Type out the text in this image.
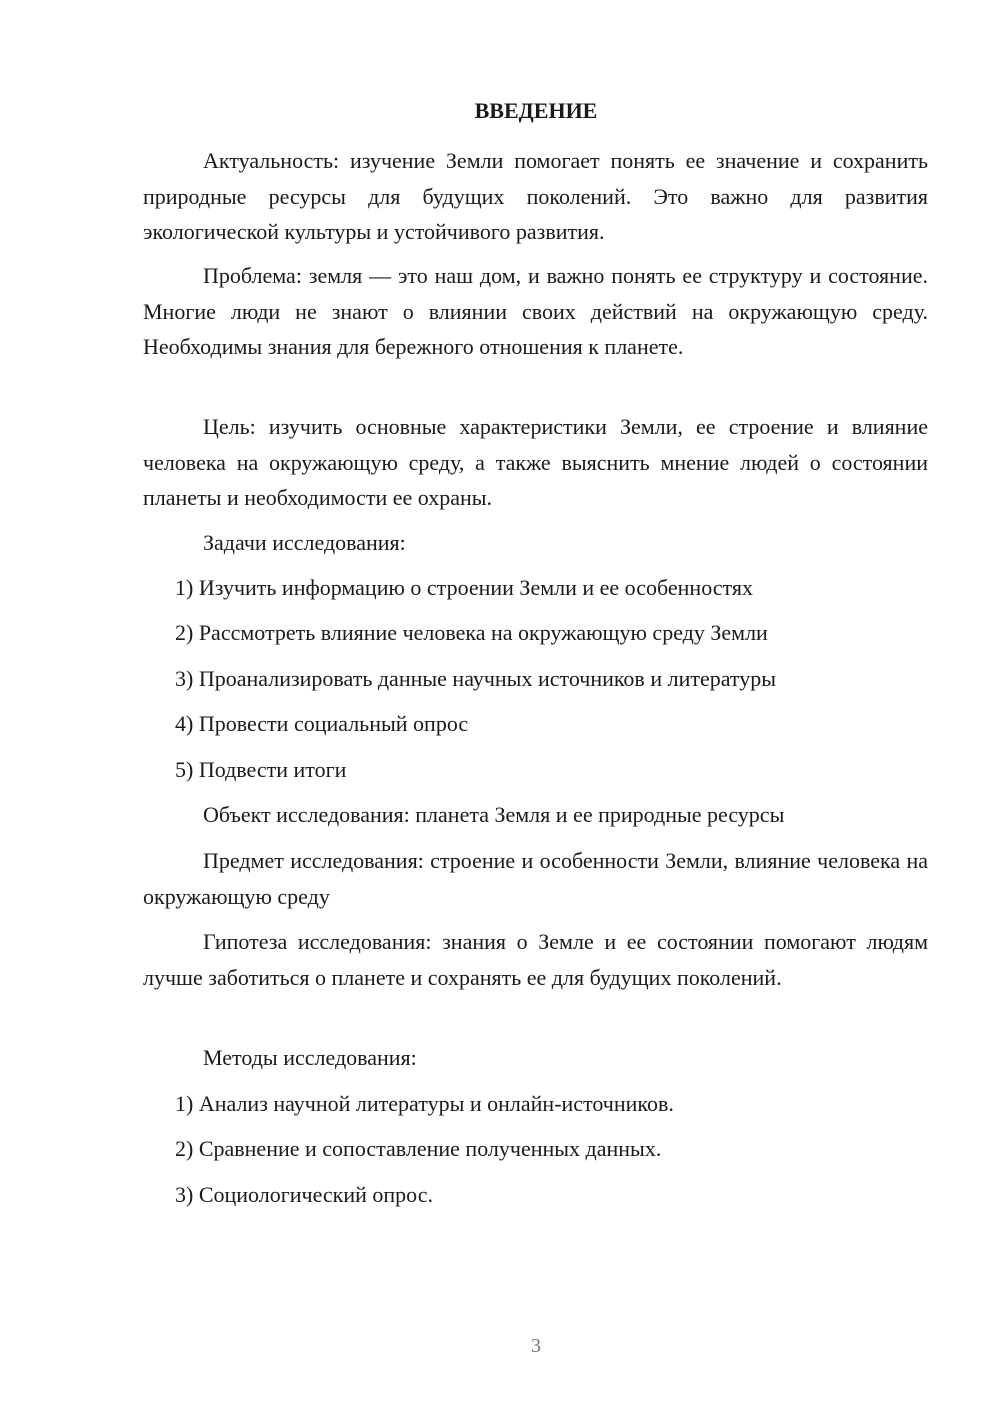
ВВЕДЕНИЕ

Актуальность: изучение Земли помогает понять ее значение и сохранить природные ресурсы для будущих поколений. Это важно для развития экологической культуры и устойчивого развития.

Проблема: земля — это наш дом, и важно понять ее структуру и состояние. Многие люди не знают о влиянии своих действий на окружающую среду. Необходимы знания для бережного отношения к планете.

Цель: изучить основные характеристики Земли, ее строение и влияние человека на окружающую среду, а также выяснить мнение людей о состоянии планеты и необходимости ее охраны.

Задачи исследования:

1) Изучить информацию о строении Земли и ее особенностях

2) Рассмотреть влияние человека на окружающую среду Земли

3) Проанализировать данные научных источников и литературы

4) Провести социальный опрос

5) Подвести итоги

Объект исследования: планета Земля и ее природные ресурсы

Предмет исследования: строение и особенности Земли, влияние человека на окружающую среду

Гипотеза исследования: знания о Земле и ее состоянии помогают людям лучше заботиться о планете и сохранять ее для будущих поколений.

Методы исследования:

1) Анализ научной литературы и онлайн-источников.

2) Сравнение и сопоставление полученных данных.

3) Социологический опрос.

3
